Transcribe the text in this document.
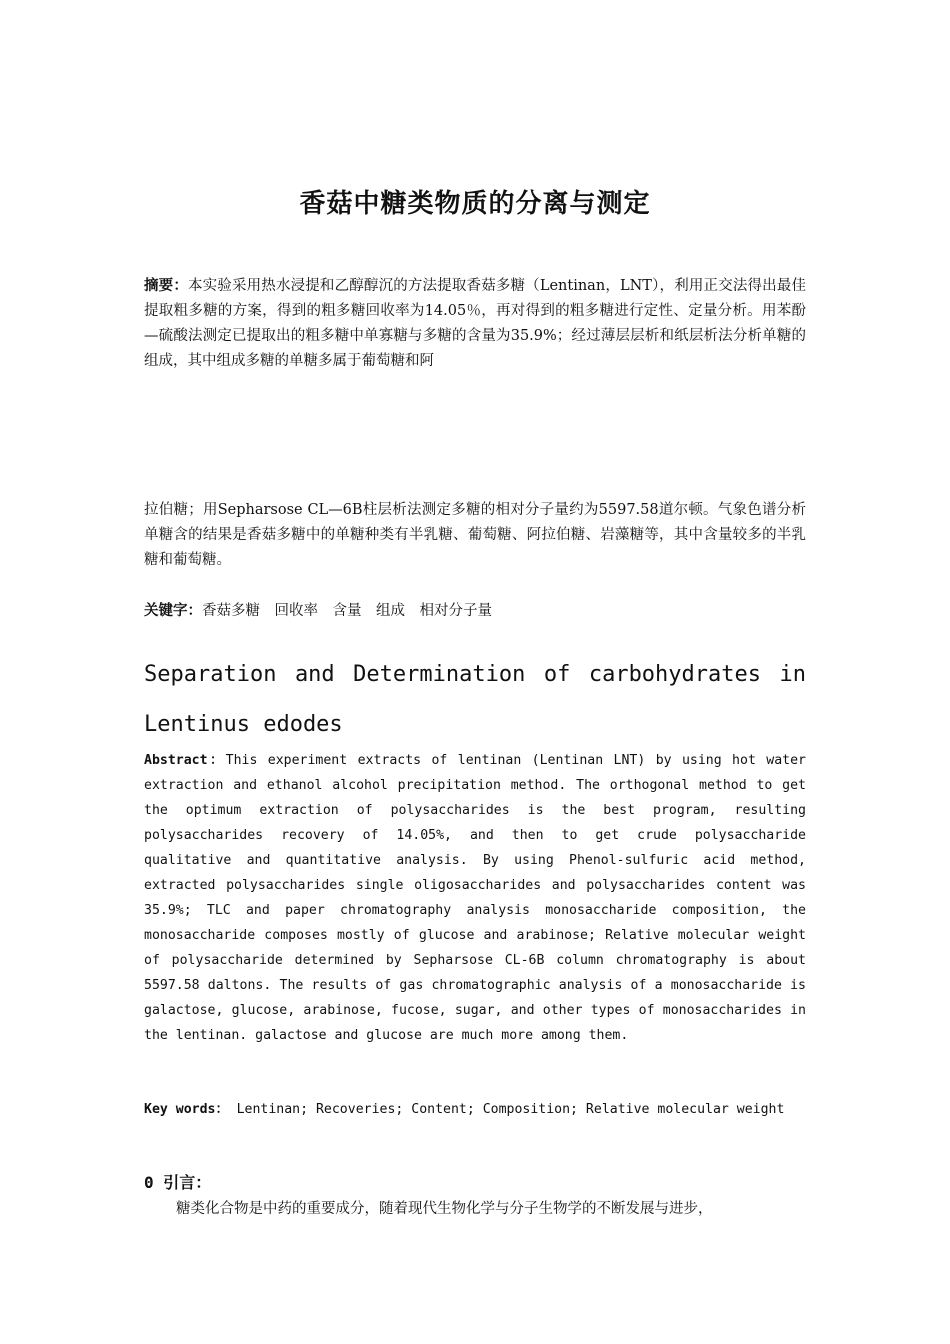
香菇中糖类物质的分离与测定
摘要：本实验采用热水浸提和乙醇醇沉的方法提取香菇多糖（Lentinan，LNT），利用正交法得出最佳提取粗多糖的方案，得到的粗多糖回收率为14.05％，再对得到的粗多糖进行定性、定量分析。用苯酚—硫酸法测定已提取出的粗多糖中单寡糖与多糖的含量为35.9%；经过薄层层析和纸层析法分析单糖的组成，其中组成多糖的单糖多属于葡萄糖和阿
拉伯糖；用Sepharsose CL—6B柱层析法测定多糖的相对分子量约为5597.58道尔顿。气象色谱分析单糖含的结果是香菇多糖中的单糖种类有半乳糖、葡萄糖、阿拉伯糖、岩藻糖等，其中含量较多的半乳糖和葡萄糖。
关键字：香菇多糖　回收率　含量　组成　相对分子量
Separation and Determination of carbohydrates in
Lentinus edodes
Abstract：This experiment extracts of lentinan (Lentinan LNT) by using hot water extraction and ethanol alcohol precipitation method. The orthogonal method to get the optimum extraction of polysaccharides is the best program, resulting polysaccharides recovery of 14.05%, and then to get crude polysaccharide qualitative and quantitative analysis. By using Phenol-sulfuric acid method, extracted polysaccharides single oligosaccharides and polysaccharides content was 35.9%; TLC and paper chromatography analysis monosaccharide composition, the monosaccharide composes mostly of glucose and arabinose; Relative molecular weight of polysaccharide determined by Sepharsose CL-6B column chromatography is about 5597.58 daltons. The results of gas chromatographic analysis of a monosaccharide is galactose, glucose, arabinose, fucose, sugar, and other types of monosaccharides in the lentinan. galactose and glucose are much more among them.
Key words： Lentinan; Recoveries; Content; Composition; Relative molecular weight
0 引言：
糖类化合物是中药的重要成分，随着现代生物化学与分子生物学的不断发展与进步，
